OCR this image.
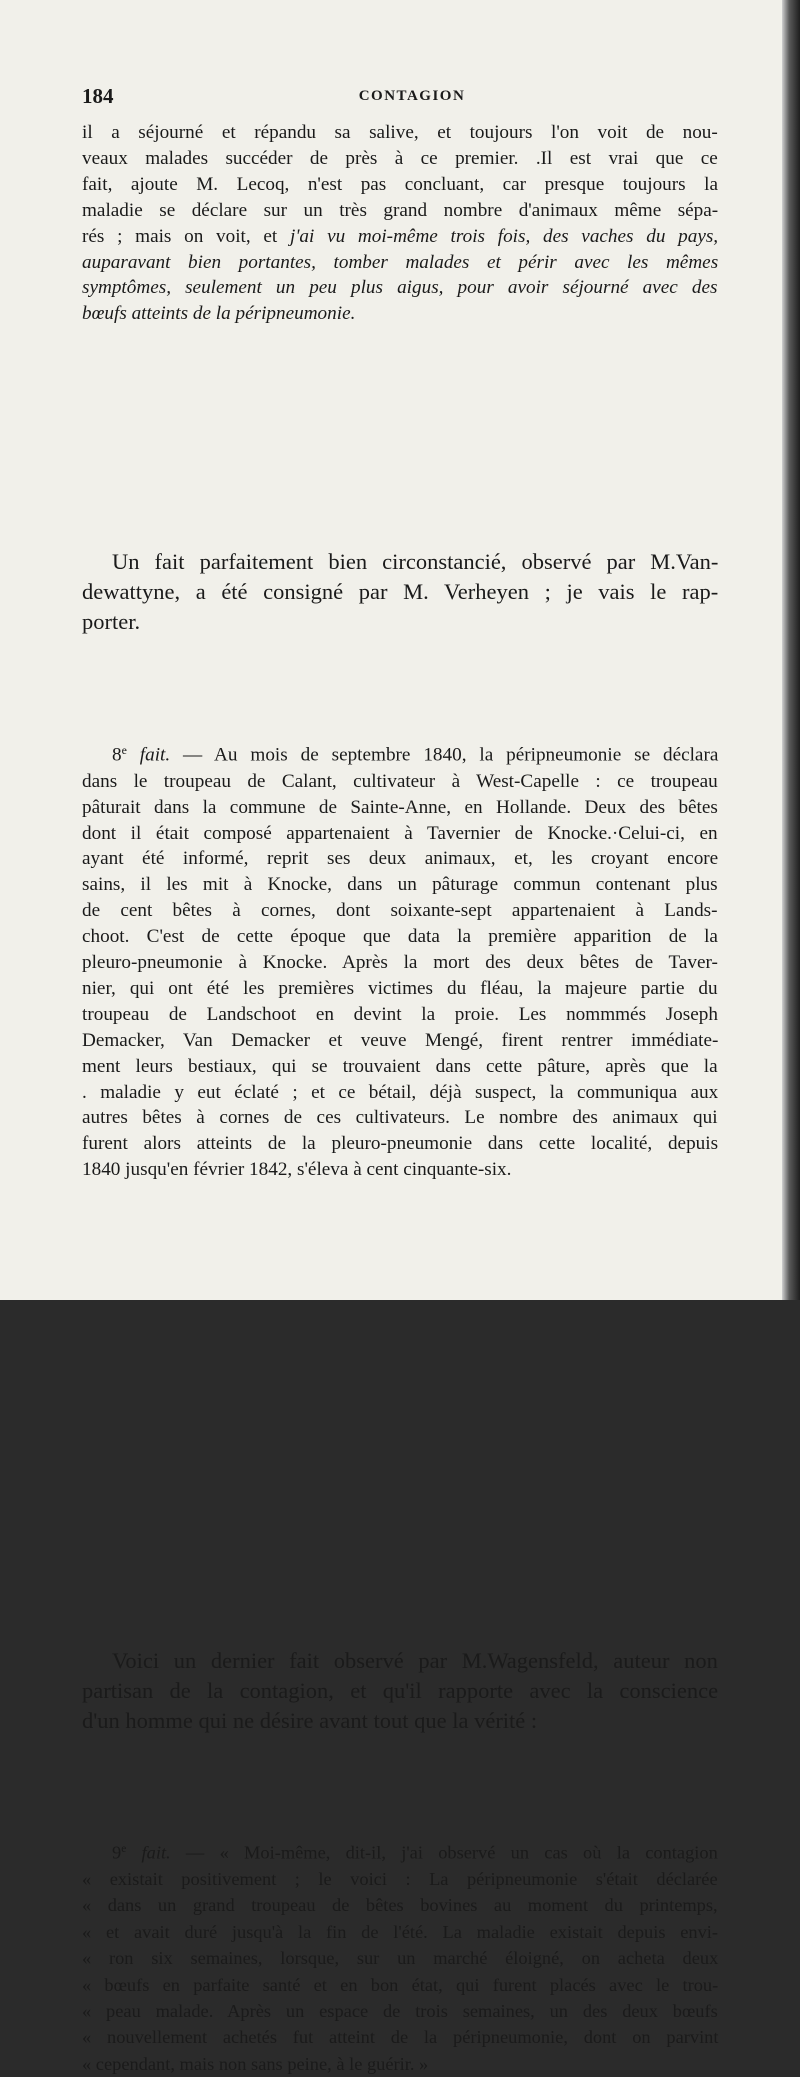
184	CONTAGION
il a séjourné et répandu sa salive, et toujours l'on voit de nou-
veaux malades succéder de près à ce premier. .Il est vrai que ce
fait, ajoute M. Lecoq, n'est pas concluant, car presque toujours la
maladie se déclare sur un très grand nombre d'animaux même sépa-
rés ; mais on voit, et j'ai vu moi-même trois fois, des vaches du pays,
auparavant bien portantes, tomber malades et périr avec les mêmes
symptômes, seulement un peu plus aigus, pour avoir séjourné avec des
bœufs atteints de la péripneumonie.
Un fait parfaitement bien circonstancié, observé par M.Van-
dewattyne, a été consigné par M. Verheyen ; je vais le rap-
porter.
8e fait. — Au mois de septembre 1840, la péripneumonie se déclara
dans le troupeau de Calant, cultivateur à West-Capelle : ce troupeau
pâturait dans la commune de Sainte-Anne, en Hollande. Deux des bêtes
dont il était composé appartenaient à Tavernier de Knocke.·Celui-ci, en
ayant été informé, reprit ses deux animaux, et, les croyant encore
sains, il les mit à Knocke, dans un pâturage commun contenant plus
de cent bêtes à cornes, dont soixante-sept appartenaient à Lands-
choot. C'est de cette époque que data la première apparition de la
pleuro-pneumonie à Knocke. Après la mort des deux bêtes de Taver-
nier, qui ont été les premières victimes du fléau, la majeure partie du
troupeau de Landschoot en devint la proie. Les nommmés Joseph
Demacker, Van Demacker et veuve Mengé, firent rentrer immédiate-
ment leurs bestiaux, qui se trouvaient dans cette pâture, après que la
. maladie y eut éclaté ; et ce bétail, déjà suspect, la communiqua aux
autres bêtes à cornes de ces cultivateurs. Le nombre des animaux qui
furent alors atteints de la pleuro-pneumonie dans cette localité, depuis
1840 jusqu'en février 1842, s'éleva à cent cinquante-six.
Voici un dernier fait observé par M.Wagensfeld, auteur non
partisan de la contagion, et qu'il rapporte avec la conscience
d'un homme qui ne désire avant tout que la vérité :
9e fait. — « Moi-même, dit-il, j'ai observé un cas où la contagion
« existait positivement ; le voici : La péripneumonie s'était déclarée
« dans un grand troupeau de bêtes bovines au moment du printemps,
« et avait duré jusqu'à la fin de l'été. La maladie existait depuis envi-
« ron six semaines, lorsque, sur un marché éloigné, on acheta deux
« bœufs en parfaite santé et en bon état, qui furent placés avec le trou-
« peau malade. Après un espace de trois semaines, un des deux bœufs
« nouvellement achetés fut atteint de la péripneumonie, dont on parvint
« cependant, mais non sans peine, à le guérir. »
